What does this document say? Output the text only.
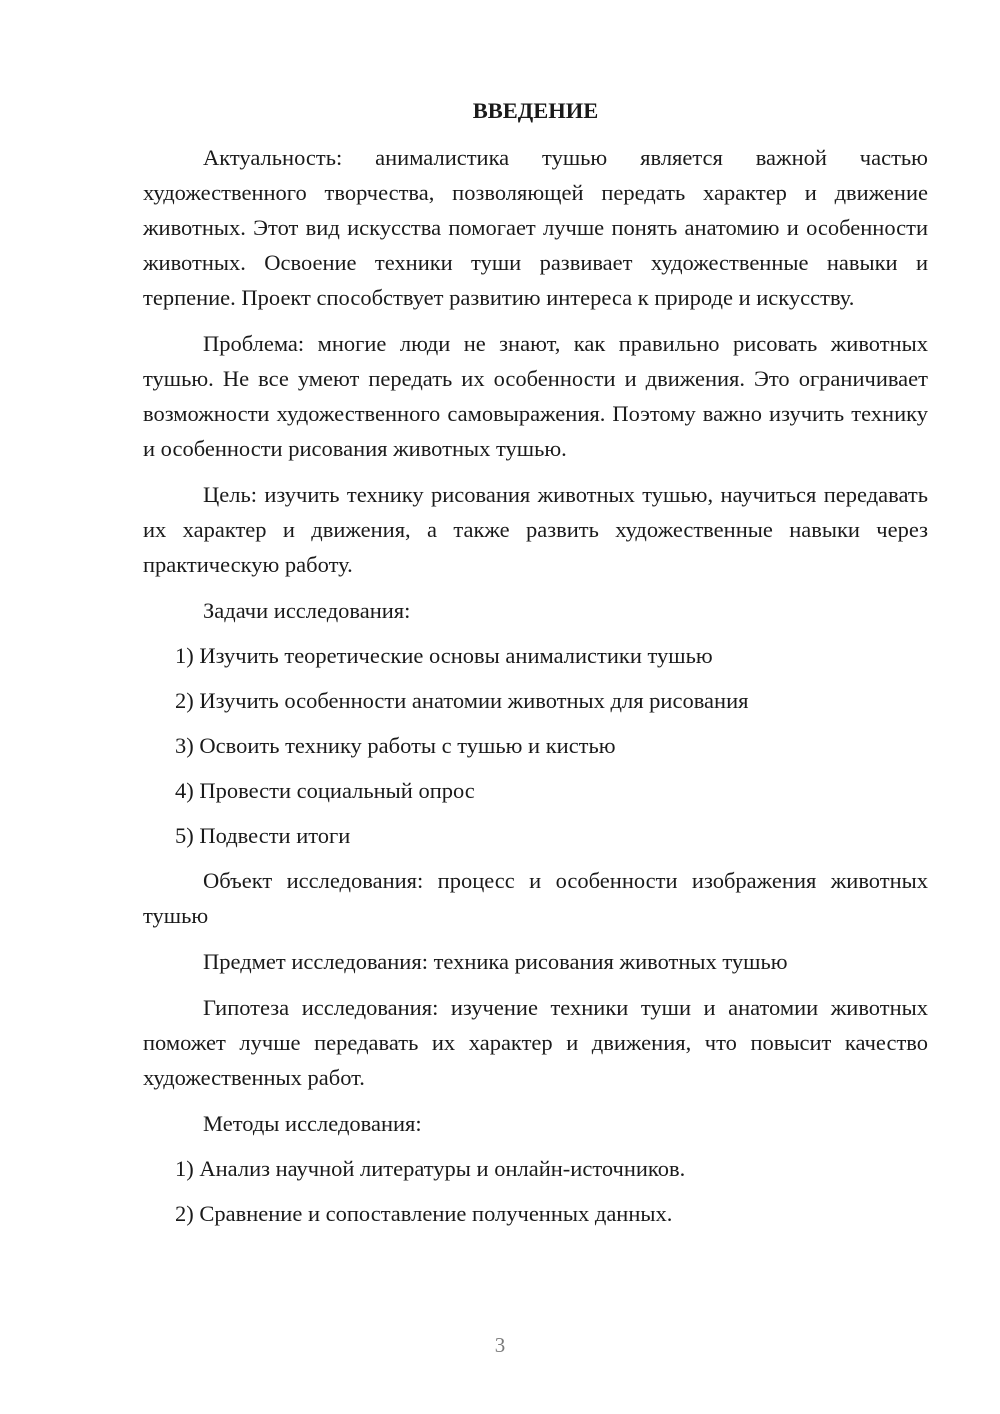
ВВЕДЕНИЕ

Актуальность: анималистика тушью является важной частью художественного творчества, позволяющей передать характер и движение животных. Этот вид искусства помогает лучше понять анатомию и особенности животных. Освоение техники туши развивает художественные навыки и терпение. Проект способствует развитию интереса к природе и искусству.

Проблема: многие люди не знают, как правильно рисовать животных тушью. Не все умеют передать их особенности и движения. Это ограничивает возможности художественного самовыражения. Поэтому важно изучить технику и особенности рисования животных тушью.

Цель: изучить технику рисования животных тушью, научиться передавать их характер и движения, а также развить художественные навыки через практическую работу.

Задачи исследования:
1) Изучить теоретические основы анималистики тушью
2) Изучить особенности анатомии животных для рисования
3) Освоить технику работы с тушью и кистью
4) Провести социальный опрос
5) Подвести итоги

Объект исследования: процесс и особенности изображения животных тушью

Предмет исследования: техника рисования животных тушью

Гипотеза исследования: изучение техники туши и анатомии животных поможет лучше передавать их характер и движения, что повысит качество художественных работ.

Методы исследования:
1) Анализ научной литературы и онлайн-источников.
2) Сравнение и сопоставление полученных данных.
3
